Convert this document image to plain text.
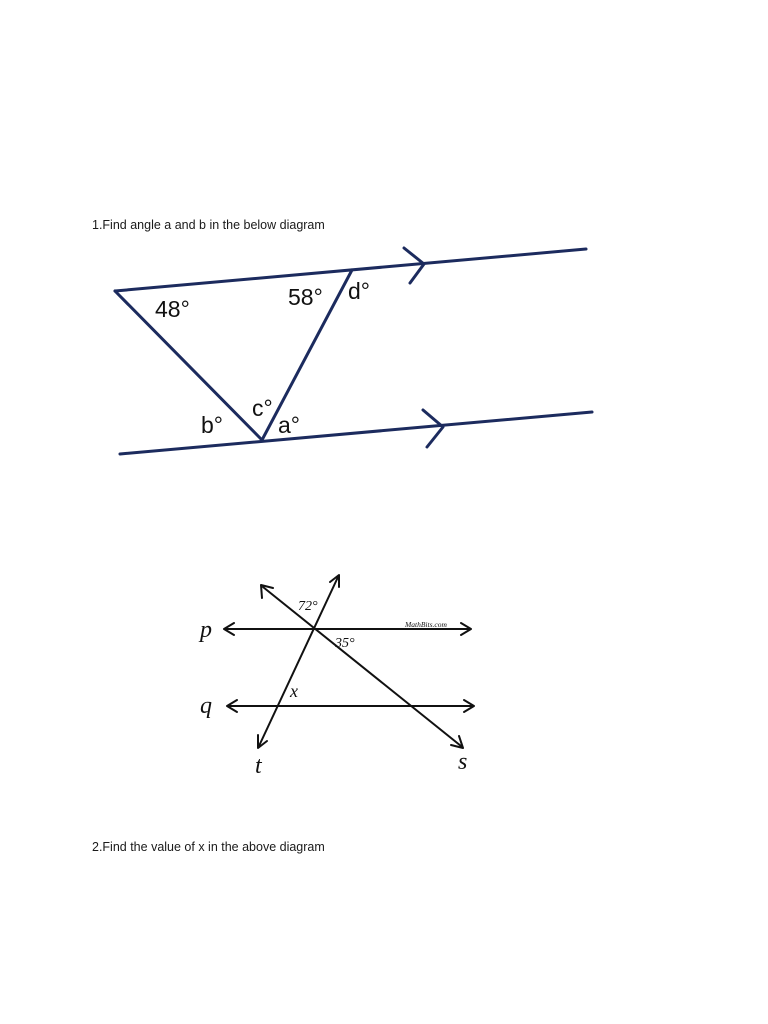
1.Find angle a and b in the below diagram
48°	58° d°
c°
b° a°
p
q
t	s
72°
35°
x
MathBits.com
2.Find the value of x in the above diagram
